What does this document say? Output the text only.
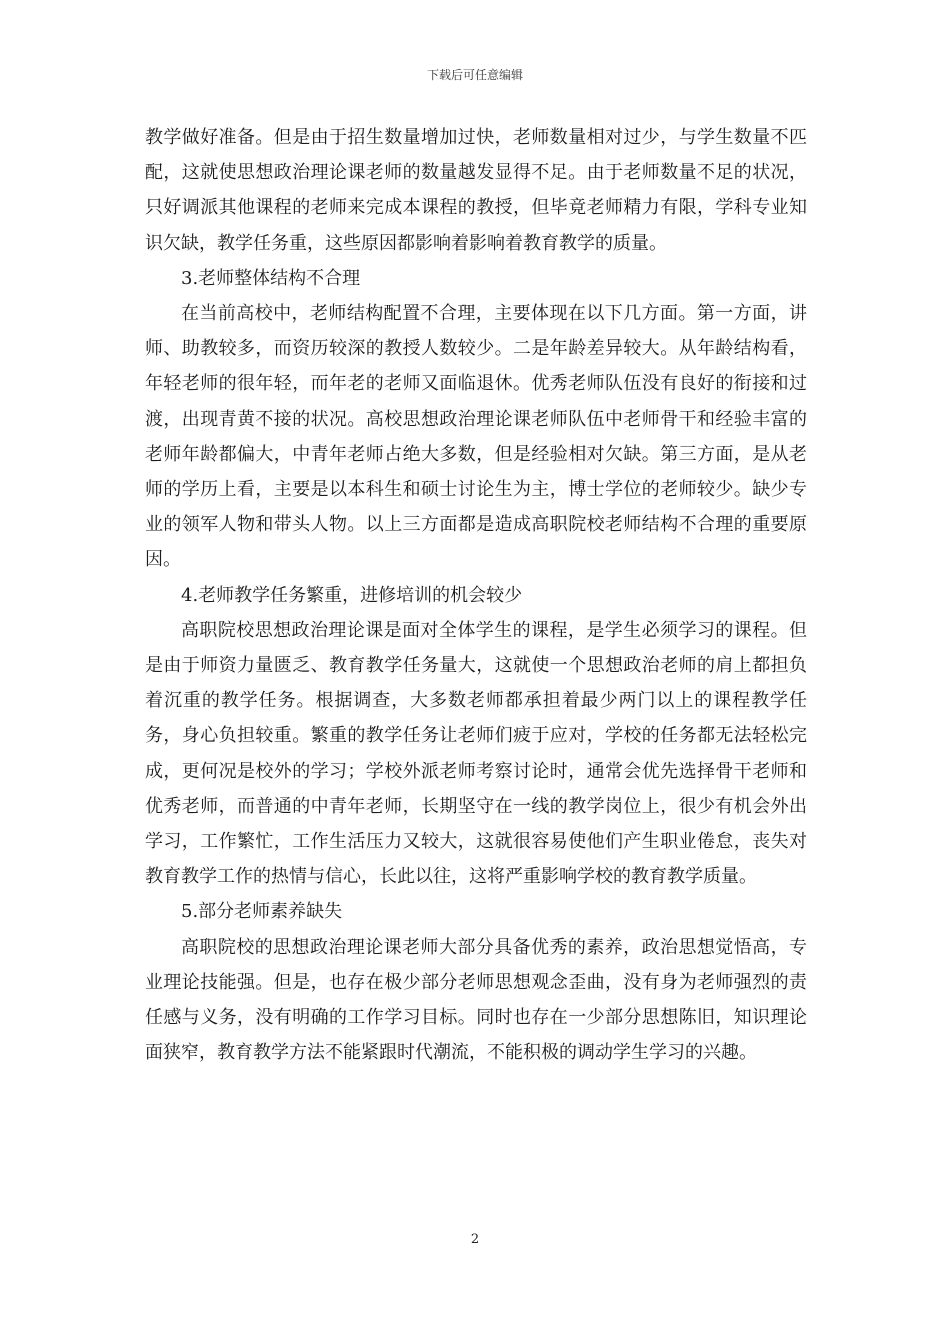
下载后可任意编辑

教学做好准备。但是由于招生数量增加过快，老师数量相对过少，与学生数量不匹配，这就使思想政治理论课老师的数量越发显得不足。由于老师数量不足的状况，只好调派其他课程的老师来完成本课程的教授，但毕竟老师精力有限，学科专业知识欠缺，教学任务重，这些原因都影响着影响着教育教学的质量。

3.老师整体结构不合理

在当前高校中，老师结构配置不合理，主要体现在以下几方面。第一方面，讲师、助教较多，而资历较深的教授人数较少。二是年龄差异较大。从年龄结构看，年轻老师的很年轻，而年老的老师又面临退休。优秀老师队伍没有良好的衔接和过渡，出现青黄不接的状况。高校思想政治理论课老师队伍中老师骨干和经验丰富的老师年龄都偏大，中青年老师占绝大多数，但是经验相对欠缺。第三方面，是从老师的学历上看，主要是以本科生和硕士讨论生为主，博士学位的老师较少。缺少专业的领军人物和带头人物。以上三方面都是造成高职院校老师结构不合理的重要原因。

4.老师教学任务繁重，进修培训的机会较少

高职院校思想政治理论课是面对全体学生的课程，是学生必须学习的课程。但是由于师资力量匮乏、教育教学任务量大，这就使一个思想政治老师的肩上都担负着沉重的教学任务。根据调查，大多数老师都承担着最少两门以上的课程教学任务，身心负担较重。繁重的教学任务让老师们疲于应对，学校的任务都无法轻松完成，更何况是校外的学习；学校外派老师考察讨论时，通常会优先选择骨干老师和优秀老师，而普通的中青年老师，长期坚守在一线的教学岗位上，很少有机会外出学习，工作繁忙，工作生活压力又较大，这就很容易使他们产生职业倦怠，丧失对教育教学工作的热情与信心，长此以往，这将严重影响学校的教育教学质量。

5.部分老师素养缺失

高职院校的思想政治理论课老师大部分具备优秀的素养，政治思想觉悟高，专业理论技能强。但是，也存在极少部分老师思想观念歪曲，没有身为老师强烈的责任感与义务，没有明确的工作学习目标。同时也存在一少部分思想陈旧，知识理论面狭窄，教育教学方法不能紧跟时代潮流，不能积极的调动学生学习的兴趣。

2
